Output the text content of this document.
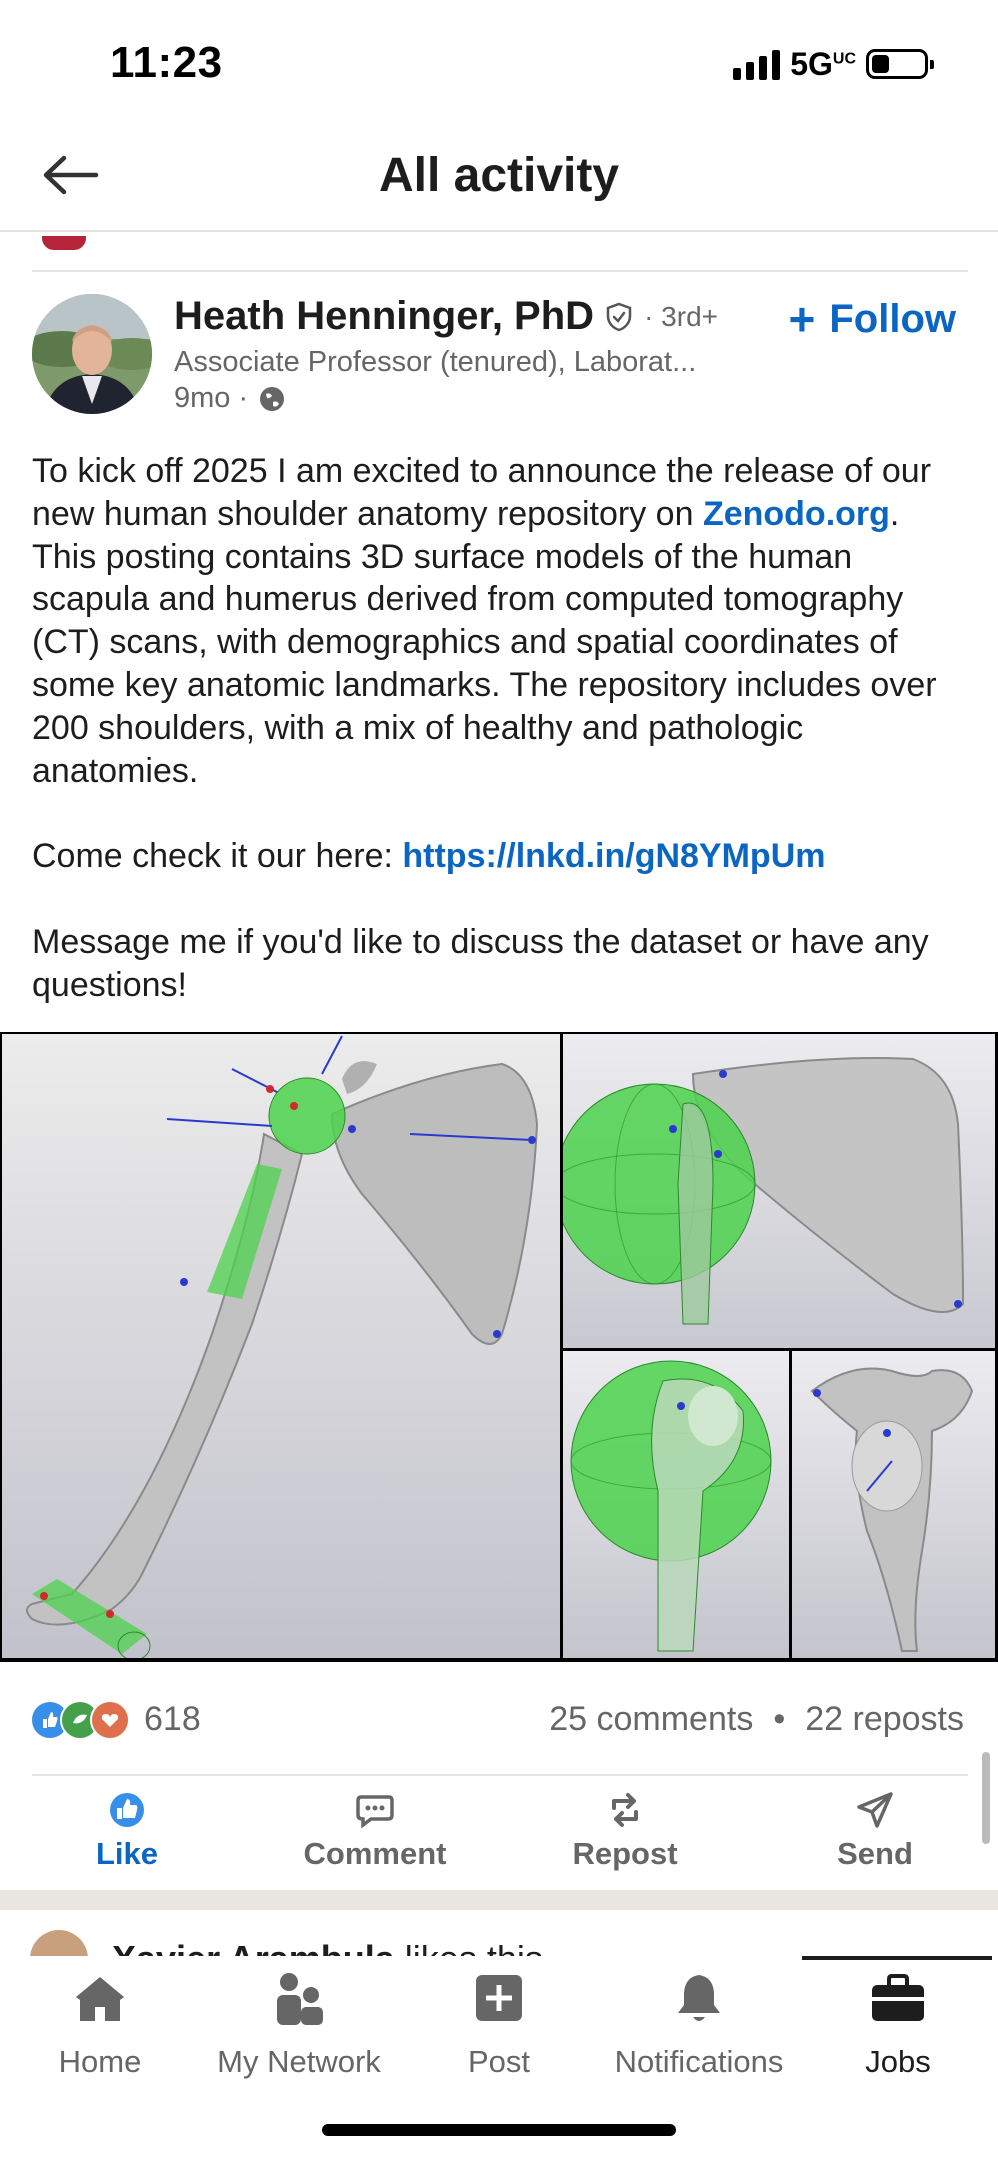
11:23	$5G^{UC}$
All activity
Heath Henninger, PhD · 3rd+ + Follow
Associate Professor (tenured), Laborat...
9mo ·

To kick off 2025 I am excited to announce the release of our new human shoulder anatomy repository on Zenodo.org. This posting contains 3D surface models of the human scapula and humerus derived from computed tomography (CT) scans, with demographics and spatial coordinates of some key anatomic landmarks. The repository includes over 200 shoulders, with a mix of healthy and pathologic anatomies.

Come check it our here: https://lnkd.in/gN8YMpUm

Message me if you'd like to discuss the dataset or have any questions!

618	25 comments • 22 reposts
Like	Comment	Repost	Send
Home	My Network	Post	Notifications	Jobs
